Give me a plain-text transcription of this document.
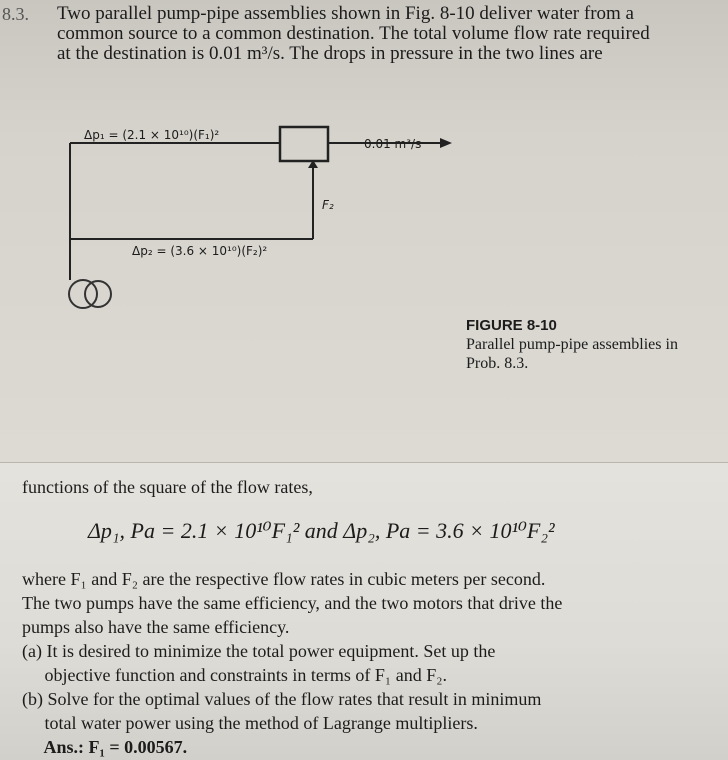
8.3. Two parallel pump-pipe assemblies shown in Fig. 8-10 deliver water from a
common source to a common destination. The total volume flow rate required
at the destination is 0.01 m³/s. The drops in pressure in the two lines are
Δp₁ = (2.1 × 10¹⁰)(F₁)²
0.01 m³/s
F₂
Δp₂ = (3.6 × 10¹⁰)(F₂)²
FIGURE 8-10
Parallel pump-pipe assemblies in
Prob. 8.3.
functions of the square of the flow rates,
Δp₁, Pa = 2.1 × 10¹⁰F₁² and Δp₂, Pa = 3.6 × 10¹⁰F₂²
where F₁ and F₂ are the respective flow rates in cubic meters per second.
The two pumps have the same efficiency, and the two motors that drive the
pumps also have the same efficiency.
(a) It is desired to minimize the total power equipment. Set up the
objective function and constraints in terms of F₁ and F₂.
(b) Solve for the optimal values of the flow rates that result in minimum
total water power using the method of Lagrange multipliers.
Ans.: F₁ = 0.00567.
